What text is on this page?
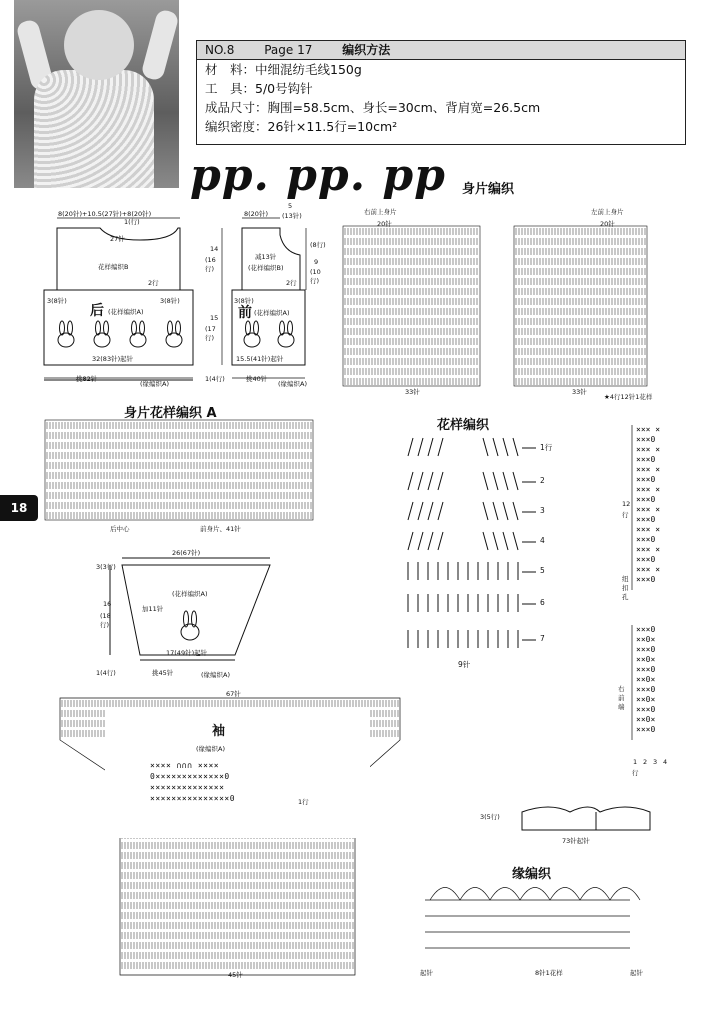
NO.8 Page 17 编织方法
材　料：中细混纺毛线150g
工　具：5/0号钩针
成品尺寸：胸围=58.5cm、身长=30cm、背肩宽=26.5cm
编织密度：26针×11.5行=10cm²
pp. pp. pp 身片编织
18
8(20针)+10.5(27针)+8(20针)
1(行)
27针
花样编织B
2行
3(8针)	3(8针)
后 (花样编织A)
32(83针)起针
挑82针
(缘编织A)
8(20针)
5
(13针)
减13针
(花样编织B)
2行
3(8针)
前 (花样编织A)
15.5(41针)起针
挑40针
(缘编织A)
1(4行)
14
(16行)
15
(17行)
(8行)
9
(10行)
右前上身片	左前上身片
20针	20针
33针	33针
★4行12针1花样
身片花样编织 A
后中心	前身片、41针
花样编织
7
6
5
4
3
2
1行
9针
26(67针)
3(3行)
(花样编织A)
加11针
16
(18行)
17(49针)起针
挑45针	(缘编织A)
1(4行)
67针
袖
(缘编织A)
45针
1行
×××× ∩∩∩ ××××
0×××××××××××××0
××××××××××××××
×××××××××××××××0
12
行
纽扣孔
右前端
1 2 3 4
行
××× ×
×××0
××× ×
×××0
××× ×
×××0
××× ×
×××0
××× ×
×××0
××× ×
×××0
××× ×
×××0
××× ×
×××0
×××0
××0×
×××0
××0×
×××0
××0×
×××0
××0×
×××0
××0×
×××0
3(5行)
73针起针
缘编织
8针1花样
起针	起针
